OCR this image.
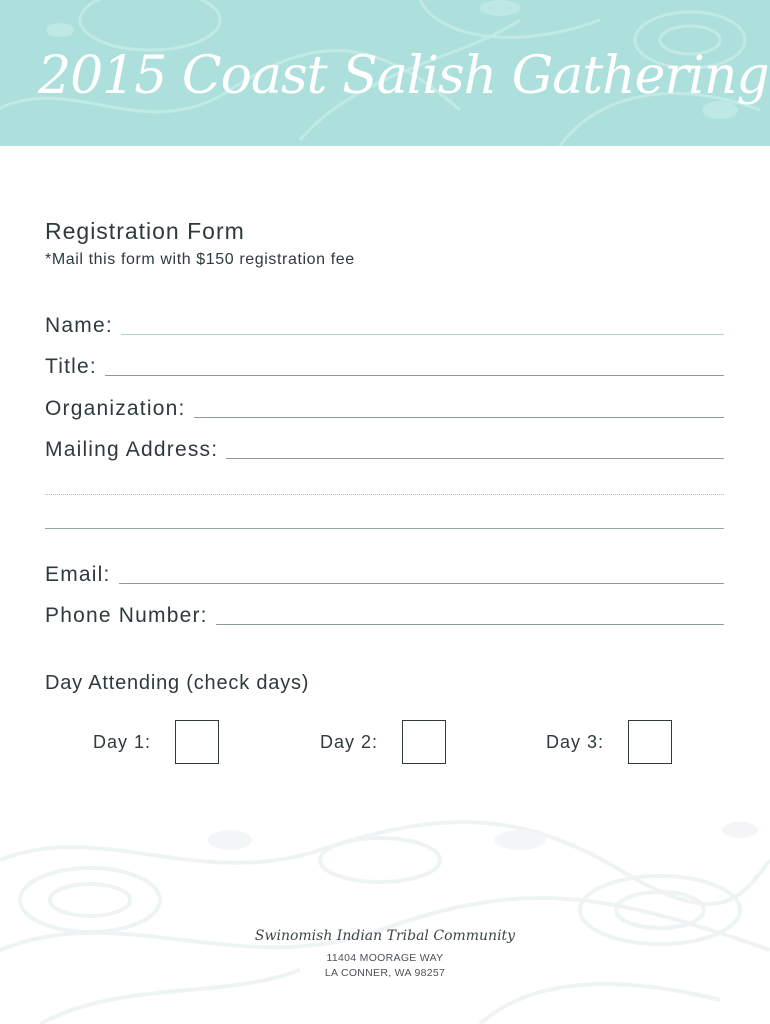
2015 Coast Salish Gathering
Registration Form
*Mail this form with $150 registration fee
Name:
Title:
Organization:
Mailing Address:
Email:
Phone Number:
Day Attending (check days)
Day 1:	Day 2:	Day 3:
Swinomish Indian Tribal Community
11404 MOORAGE WAY
LA CONNER, WA 98257
